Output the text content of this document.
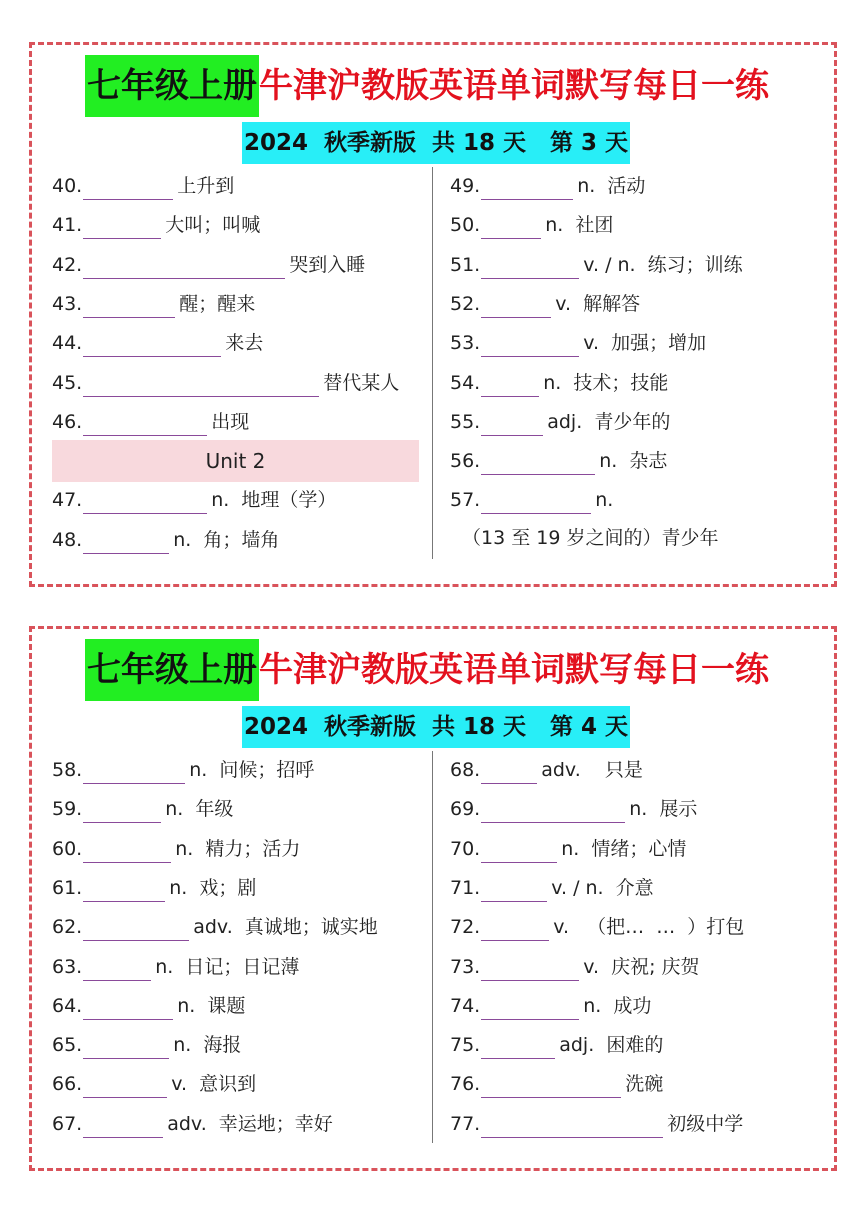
七年级上册 牛津沪教版英语单词默写每日一练
2024  秋季新版  共 18 天   第 3 天
40.	上升到
41.	大叫；叫喊
42.	哭到入睡
43.	醒；醒来
44.	来去
45.	替代某人
46.	出现
47.	n.  地理（学）
48.	n.  角；墙角
Unit 2
49.	n.  活动
50.	n.  社团
51.	v. / n.  练习；训练
52.	v.  解解答
53.	v.  加强；增加
54.	n.  技术；技能
55.	adj.  青少年的
56.	n.  杂志
57.	n.
（13 至 19 岁之间的）青少年
七年级上册 牛津沪教版英语单词默写每日一练
2024  秋季新版  共 18 天   第 4 天
58.	n.  问候；招呼
59.	n.  年级
60.	n.  精力；活力
61.	n.  戏；剧
62.	adv.  真诚地；诚实地
63.	n.  日记；日记薄
64.	n.  课题
65.	n.  海报
66.	v.  意识到
67.	adv.  幸运地；幸好
68.	adv.    只是
69.	n.  展示
70.	n.  情绪；心情
71.	v. / n.  介意
72.	v.   （把…  …  ）打包
73.	v.  庆祝; 庆贺
74.	n.  成功
75.	adj.  困难的
76.	洗碗
77.	初级中学
